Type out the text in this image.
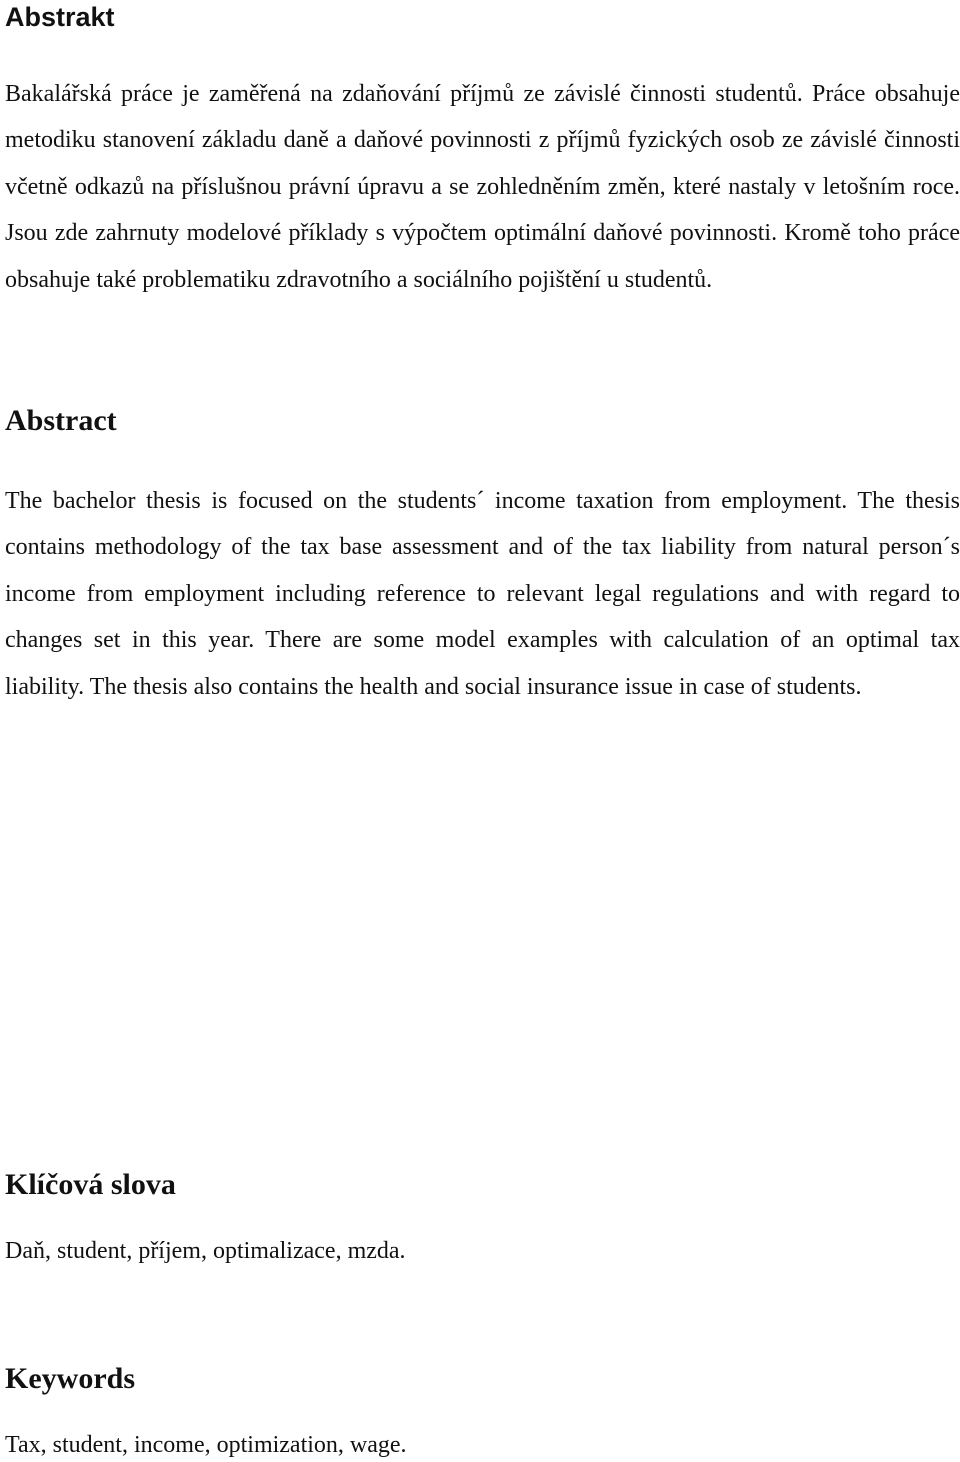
Abstrakt

Bakalářská práce je zaměřená na zdaňování příjmů ze závislé činnosti studentů. Práce obsahuje metodiku stanovení základu daně a daňové povinnosti z příjmů fyzických osob ze závislé činnosti včetně odkazů na příslušnou právní úpravu a se zohledněním změn, které nastaly v letošním roce. Jsou zde zahrnuty modelové příklady s výpočtem optimální daňové povinnosti. Kromě toho práce obsahuje také problematiku zdravotního a sociálního pojištění u studentů.

Abstract

The bachelor thesis is focused on the students´ income taxation from employment. The thesis contains methodology of the tax base assessment and of the tax liability from natural person´s income from employment including reference to relevant legal regulations and with regard to changes set in this year. There are some model examples with calculation of an optimal tax liability. The thesis also contains the health and social insurance issue in case of students.

Klíčová slova

Daň, student, příjem, optimalizace, mzda.

Keywords

Tax, student, income, optimization, wage.
